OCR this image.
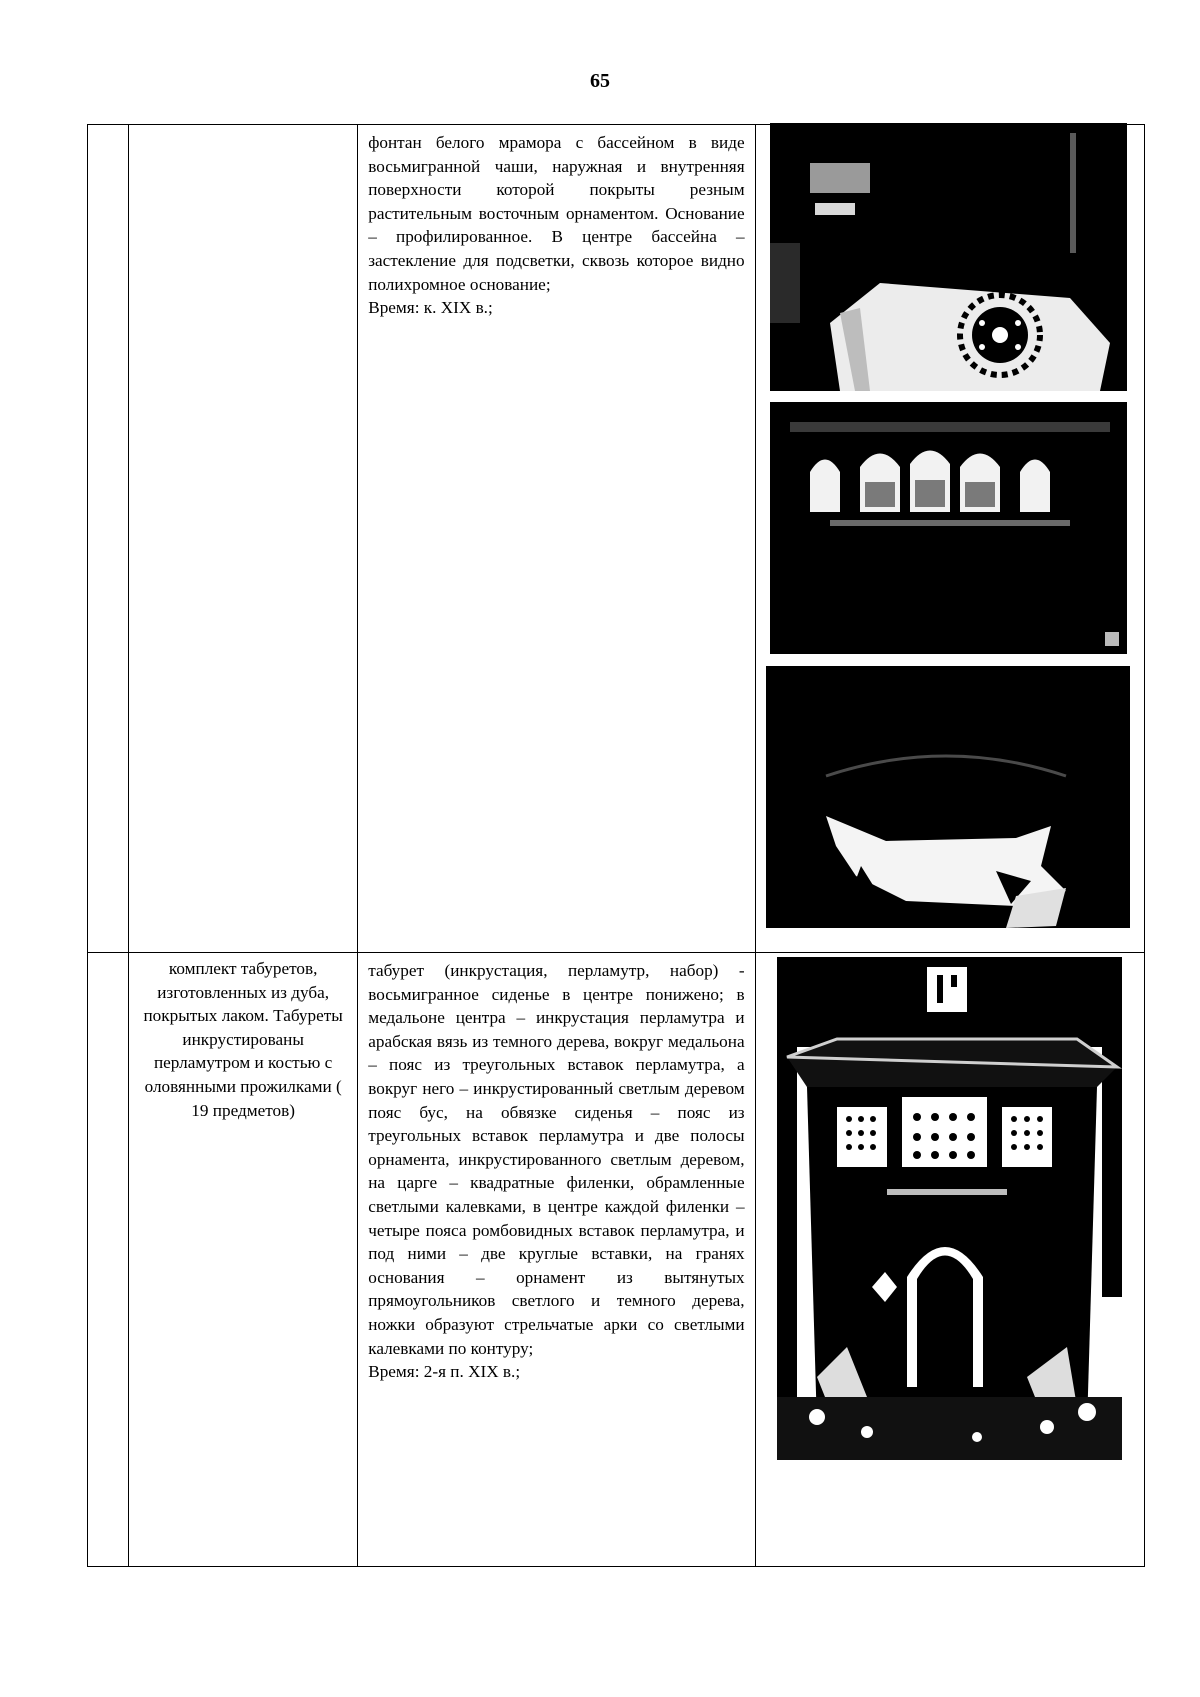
65

		фонтан белого мрамора с бассейном в виде восьмигранной чаши, наружная и внутренняя поверхности которой покрыты резным растительным восточным орнаментом. Основание – профилированное. В центре бассейна – застекление для подсветки, сквозь которое видно полихромное основание;

Время: к. XIX в.;

	комплект табуретов, изготовленных из дуба, покрытых лаком. Табуреты инкрустированы перламутром и костью с оловянными прожилками ( 19 предметов)	табурет (инкрустация, перламутр, набор) - восьмигранное сиденье в центре понижено; в медальоне центра – инкрустация перламутра и арабская вязь из темного дерева, вокруг медальона – пояс из треугольных вставок перламутра, а вокруг него – инкрустированный светлым деревом пояс бус, на обвязке сиденья – пояс из треугольных вставок перламутра и две полосы орнамента, инкрустированного светлым деревом, на царге – квадратные филенки, обрамленные светлыми калевками, в центре каждой филенки – четыре пояса ромбовидных вставок перламутра, и под ними – две круглые вставки, на гранях основания – орнамент из вытянутых прямоугольников светлого и темного дерева, ножки образуют стрельчатые арки со светлыми калевками по контуру;

Время: 2-я п. XIX в.;
